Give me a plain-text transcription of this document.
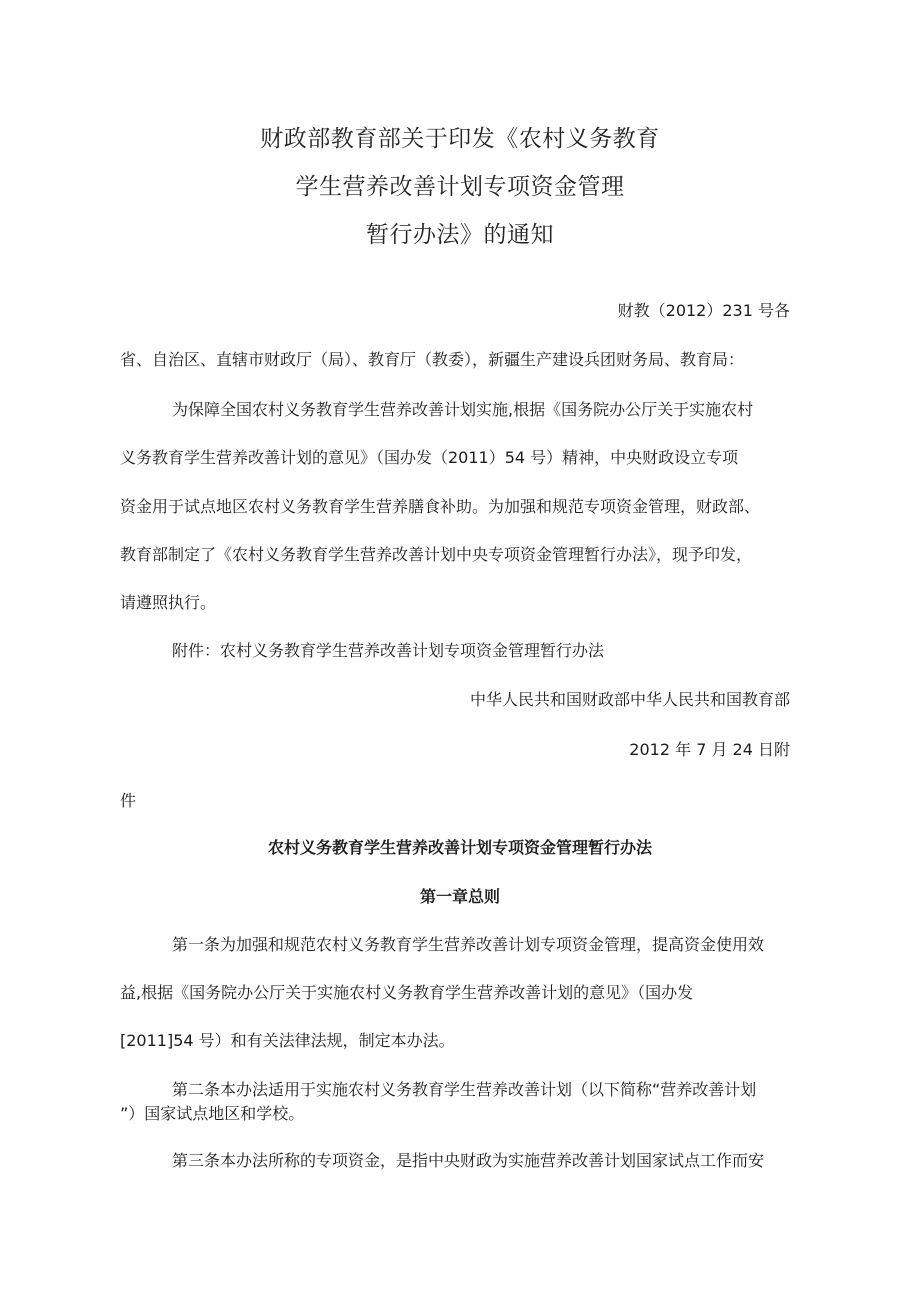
财政部教育部关于印发《农村义务教育
学生营养改善计划专项资金管理
暂行办法》的通知
财教（2012）231 号各
省、自治区、直辖市财政厅（局）、教育厅（教委），新疆生产建设兵团财务局、教育局：
为保障全国农村义务教育学生营养改善计划实施,根据《国务院办公厅关于实施农村
义务教育学生营养改善计划的意见》（国办发（2011）54 号）精神，中央财政设立专项
资金用于试点地区农村义务教育学生营养膳食补助。为加强和规范专项资金管理，财政部、
教育部制定了《农村义务教育学生营养改善计划中央专项资金管理暂行办法》，现予印发，
请遵照执行。
附件：农村义务教育学生营养改善计划专项资金管理暂行办法
中华人民共和国财政部中华人民共和国教育部
2012 年 7 月 24 日附
件
农村义务教育学生营养改善计划专项资金管理暂行办法
第一章总则
第一条为加强和规范农村义务教育学生营养改善计划专项资金管理，提高资金使用效
益,根据《国务院办公厅关于实施农村义务教育学生营养改善计划的意见》（国办发
[2011]54 号）和有关法律法规，制定本办法。
第二条本办法适用于实施农村义务教育学生营养改善计划（以下简称“营养改善计划
”）国家试点地区和学校。
第三条本办法所称的专项资金，是指中央财政为实施营养改善计划国家试点工作而安
